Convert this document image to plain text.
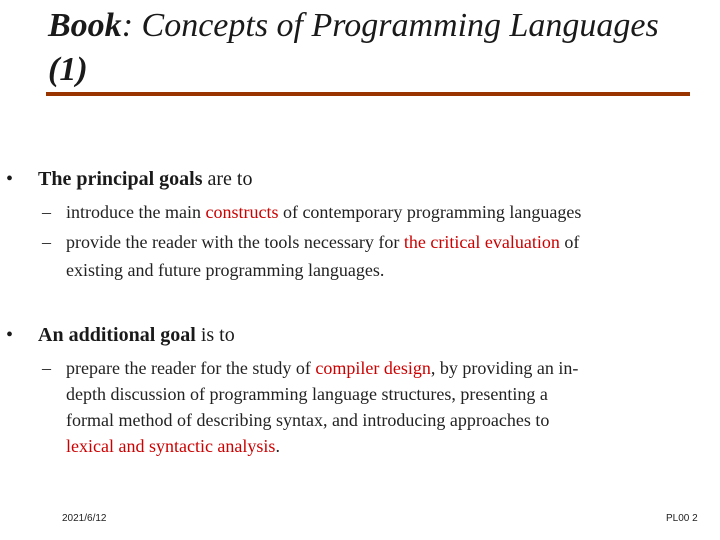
Book: Concepts of Programming Languages
(1)
• The principal goals are to
– introduce the main constructs of contemporary programming languages
– provide the reader with the tools necessary for the critical evaluation of
existing and future programming languages.
• An additional goal is to
– prepare the reader for the study of compiler design, by providing an in-
depth discussion of programming language structures, presenting a
formal method of describing syntax, and introducing approaches to
lexical and syntactic analysis.
2021/6/12	PL00 2
